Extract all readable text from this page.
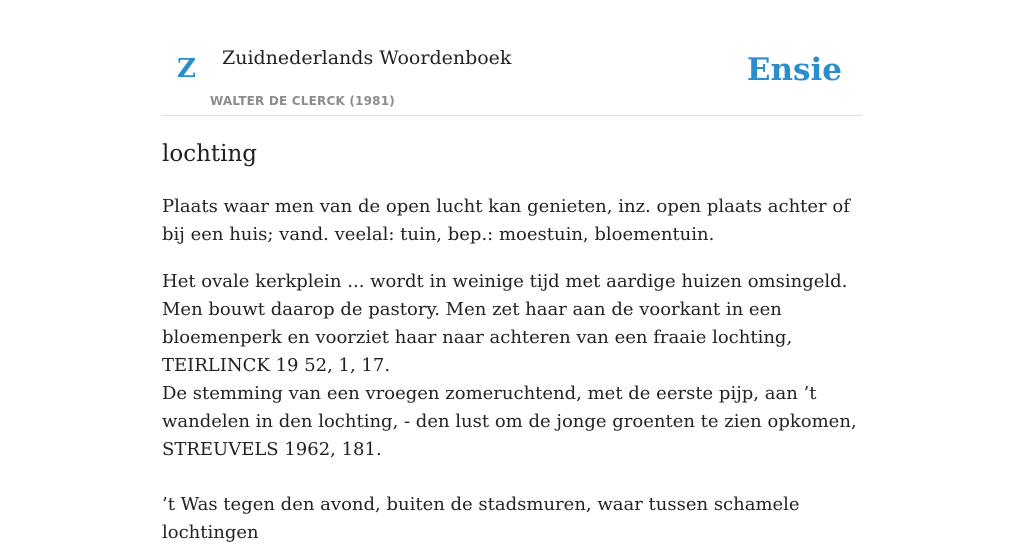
Z Zuidnederlands Woordenboek
WALTER DE CLERCK (1981)
Ensie
lochting

Plaats waar men van de open lucht kan genieten, inz. open plaats achter of bij een huis; vand. veelal: tuin, bep.: moestuin, bloementuin.

Het ovale kerkplein ... wordt in weinige tijd met aardige huizen omsingeld. Men bouwt daarop de pastory. Men zet haar aan de voorkant in een bloemenperk en voorziet haar naar achteren van een fraaie lochting, TEIRLINCK 19 52, 1, 17.

De stemming van een vroegen zomeruchtend, met de eerste pijp, aan ’t wandelen in den lochting, - den lust om de jonge groenten te zien opkomen, STREUVELS 1962, 181.

’t Was tegen den avond, buiten de stadsmuren, waar tussen schamele lochtingen
